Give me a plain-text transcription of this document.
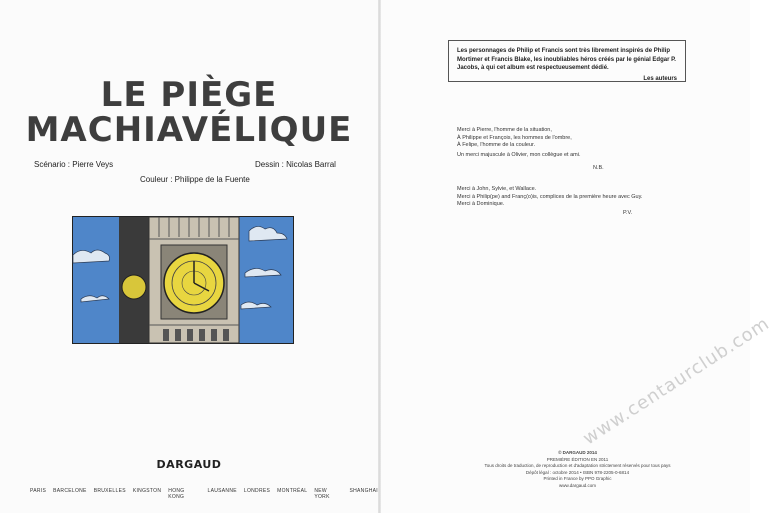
LE PIÈGE
MACHIAVÉLIQUE
Scénario : Pierre Veys	Dessin : Nicolas Barral
Couleur : Philippe de la Fuente
DARGAUD
PARIS BARCELONE BRUXELLES KINGSTON HONG KONG
LAUSANNE LONDRES MONTRÉAL NEW YORK
SHANGHAI
Les personnages de Philip et Francis sont très librement inspirés de Philip Mortimer et Francis Blake, les inoubliables héros créés par le génial Edgar P. Jacobs, à qui cet album est respectueusement dédié.
Les auteurs
Merci à Pierre, l'homme de la situation,
À Philippe et François, les hommes de l'ombre,
À Felipe, l'homme de la couleur.
Un merci majuscule à Olivier, mon collègue et ami.
N.B.
Merci à John, Sylvie, et Wallace.
Merci à Philip(pe) and Franç(o)is, complices de la première heure avec Guy.
Merci à Dominique.
P.V.
© DARGAUD 2014
PREMIÈRE ÉDITION EN 2011
Tous droits de traduction, de reproduction et d'adaptation strictement réservés pour tous pays
Dépôt légal : octobre 2014 • ISBN 978-2205-0-6814
Printed in France by PPO Graphic
www.dargaud.com
www.centaurclub.com
